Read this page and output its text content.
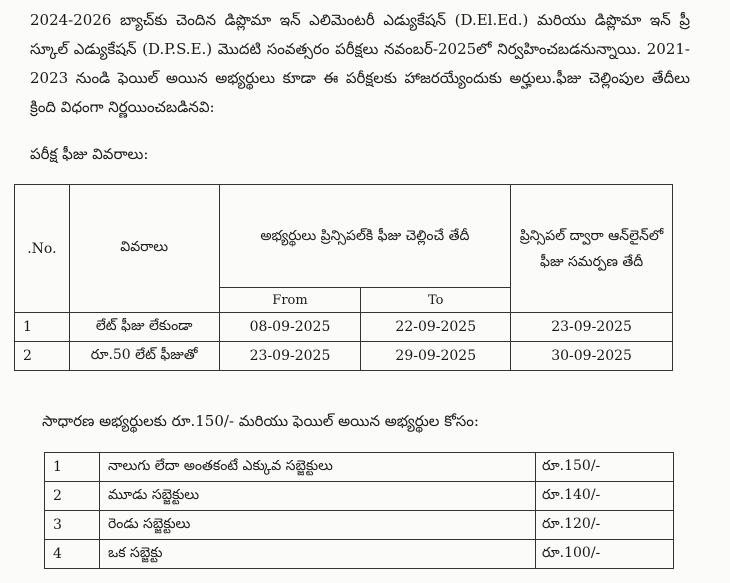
2024-2026 బ్యాచ్‌కు చెందిన డిప్లొమా ఇన్ ఎలిమెంటరీ ఎడ్యుకేషన్ (D.El.Ed.) మరియు డిప్లొమా ఇన్ ప్రీ స్కూల్ ఎడ్యుకేషన్ (D.P.S.E.) మొదటి సంవత్సరం పరీక్షలు నవంబర్-2025లో నిర్వహించబడనున్నాయి. 2021-2023 నుండి ఫెయిల్ అయిన అభ్యర్థులు కూడా ఈ పరీక్షలకు హాజరయ్యేందుకు అర్హులు.ఫీజు చెల్లింపుల తేదీలు క్రింది విధంగా నిర్ణయించబడినవి:
పరీక్ష ఫీజు వివరాలు:
.No.	వివరాలు	అభ్యర్థులు ప్రిన్సిపల్‌కి ఫీజు చెల్లించే తేదీ		ప్రిన్సిపల్ ద్వారా ఆన్‌లైన్‌లో ఫీజు సమర్పణ తేదీ
		From	To	
1	లేట్ ఫీజు లేకుండా	08-09-2025	22-09-2025	23-09-2025
2	రూ.50 లేట్ ఫీజుతో	23-09-2025	29-09-2025	30-09-2025
సాధారణ అభ్యర్థులకు రూ.150/- మరియు ఫెయిల్ అయిన అభ్యర్థుల కోసం:
1	నాలుగు లేదా అంతకంటే ఎక్కువ సబ్జెక్టులు	రూ.150/-
2	మూడు సబ్జెక్టులు	రూ.140/-
3	రెండు సబ్జెక్టులు	రూ.120/-
4	ఒక సబ్జెక్టు	రూ.100/-
